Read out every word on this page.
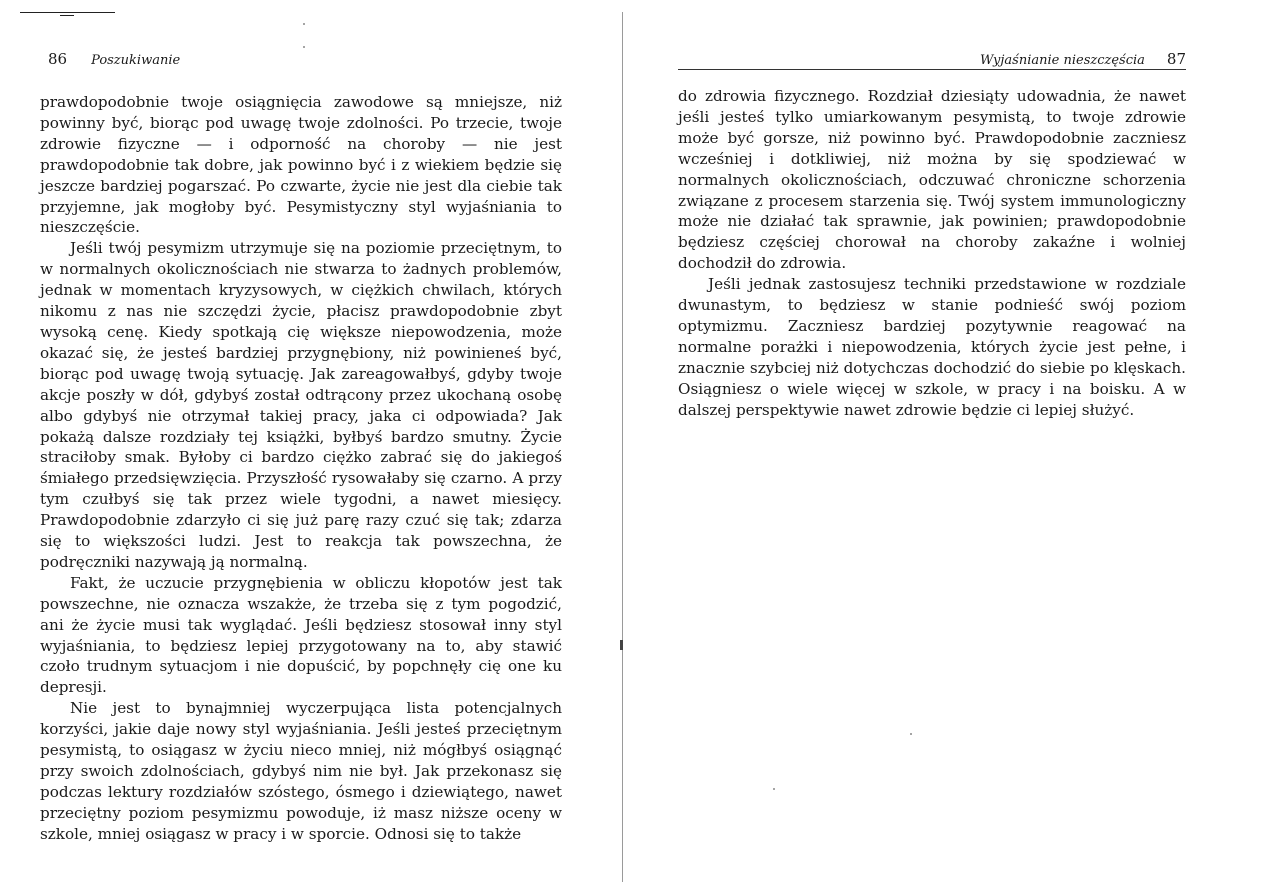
86 Poszukiwanie

prawdopodobnie twoje osiągnięcia zawodowe są mniejsze, niż powinny być, biorąc pod uwagę twoje zdolności. Po trzecie, twoje zdrowie fizyczne — i odporność na choroby — nie jest prawdopodobnie tak dobre, jak powinno być i z wiekiem będzie się jeszcze bardziej pogarszać. Po czwarte, życie nie jest dla ciebie tak przyjemne, jak mogłoby być. Pesymistyczny styl wyjaśniania to nieszczęście.

Jeśli twój pesymizm utrzymuje się na poziomie przeciętnym, to w normalnych okolicznościach nie stwarza to żadnych problemów, jednak w momentach kryzysowych, w ciężkich chwilach, których nikomu z nas nie szczędzi życie, płacisz prawdopodobnie zbyt wysoką cenę. Kiedy spotkają cię większe niepowodzenia, może okazać się, że jesteś bardziej przygnębiony, niż powinieneś być, biorąc pod uwagę twoją sytuację. Jak zareagowałbyś, gdyby twoje akcje poszły w dół, gdybyś został odtrącony przez ukochaną osobę albo gdybyś nie otrzymał takiej pracy, jaka ci odpowiada? Jak pokażą dalsze rozdziały tej książki, byłbyś bardzo smutny. Życie straciłoby smak. Byłoby ci bardzo ciężko zabrać się do jakiegoś śmiałego przedsięwzięcia. Przyszłość rysowałaby się czarno. A przy tym czułbyś się tak przez wiele tygodni, a nawet miesięcy. Prawdopodobnie zdarzyło ci się już parę razy czuć się tak; zdarza się to większości ludzi. Jest to reakcja tak powszechna, że podręczniki nazywają ją normalną.

Fakt, że uczucie przygnębienia w obliczu kłopotów jest tak powszechne, nie oznacza wszakże, że trzeba się z tym pogodzić, ani że życie musi tak wyglądać. Jeśli będziesz stosował inny styl wyjaśniania, to będziesz lepiej przygotowany na to, aby stawić czoło trudnym sytuacjom i nie dopuścić, by popchnęły cię one ku depresji.

Nie jest to bynajmniej wyczerpująca lista potencjalnych korzyści, jakie daje nowy styl wyjaśniania. Jeśli jesteś przeciętnym pesymistą, to osiągasz w życiu nieco mniej, niż mógłbyś osiągnąć przy swoich zdolnościach, gdybyś nim nie był. Jak przekonasz się podczas lektury rozdziałów szóstego, ósmego i dziewiątego, nawet przeciętny poziom pesymizmu powoduje, iż masz niższe oceny w szkole, mniej osiągasz w pracy i w sporcie. Odnosi się to także

Wyjaśnianie nieszczęścia 87

do zdrowia fizycznego. Rozdział dziesiąty udowadnia, że nawet jeśli jesteś tylko umiarkowanym pesymistą, to twoje zdrowie może być gorsze, niż powinno być. Prawdopodobnie zaczniesz wcześniej i dotkliwiej, niż można by się spodziewać w normalnych okolicznościach, odczuwać chroniczne schorzenia związane z procesem starzenia się. Twój system immunologiczny może nie działać tak sprawnie, jak powinien; prawdopodobnie będziesz częściej chorował na choroby zakaźne i wolniej dochodził do zdrowia.

Jeśli jednak zastosujesz techniki przedstawione w rozdziale dwunastym, to będziesz w stanie podnieść swój poziom optymizmu. Zaczniesz bardziej pozytywnie reagować na normalne porażki i niepowodzenia, których życie jest pełne, i znacznie szybciej niż dotychczas dochodzić do siebie po klęskach. Osiągniesz o wiele więcej w szkole, w pracy i na boisku. A w dalszej perspektywie nawet zdrowie będzie ci lepiej służyć.
